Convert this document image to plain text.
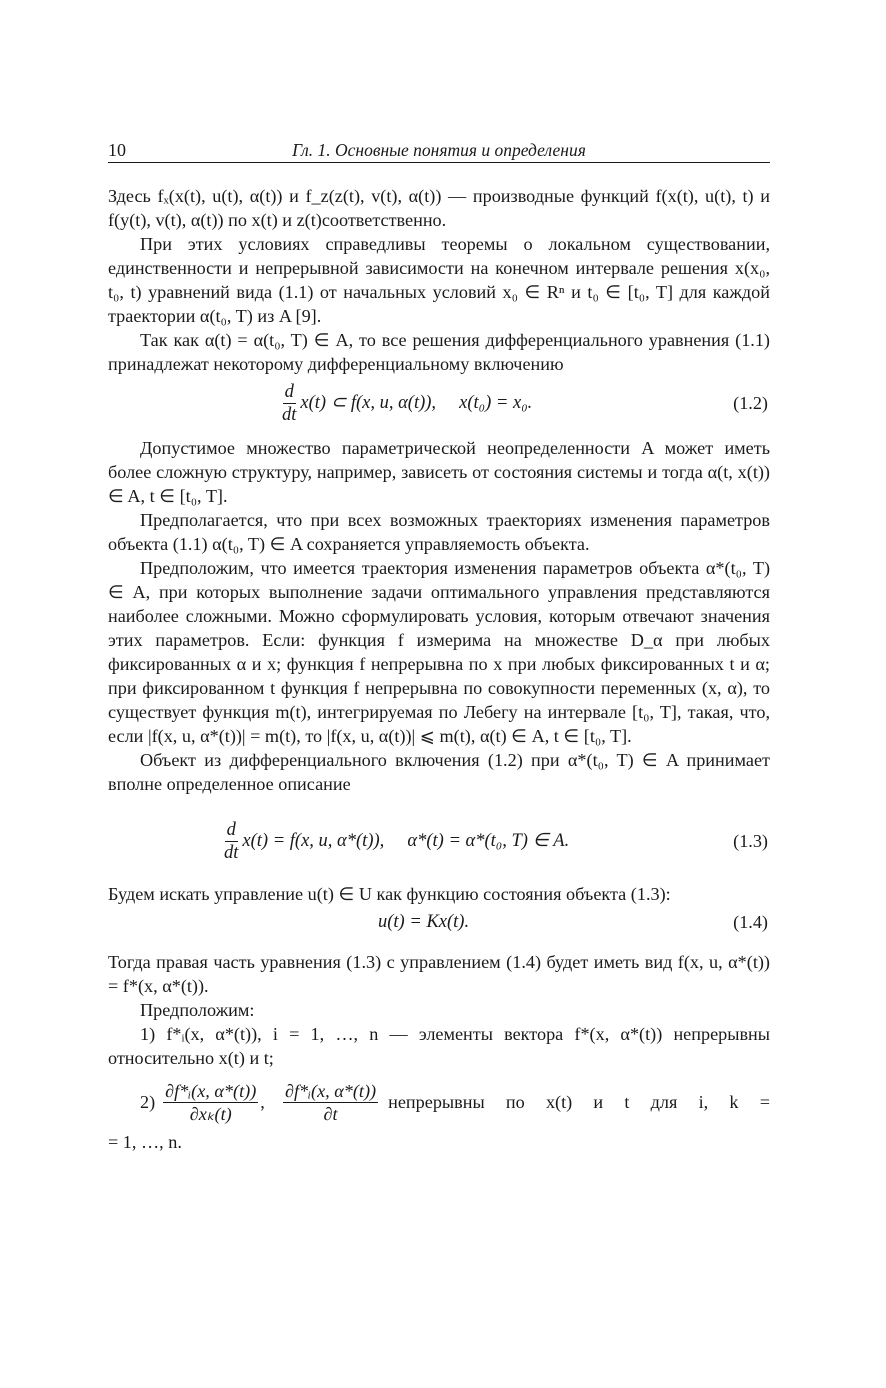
10	Гл. 1. Основные понятия и определения

Здесь fₓ(x(t), u(t), α(t)) и f_z(z(t), v(t), α(t)) — производные функций f(x(t), u(t), t) и f(y(t), v(t), α(t)) по x(t) и z(t)соответственно.

При этих условиях справедливы теоремы о локальном существовании, единственности и непрерывной зависимости на конечном интервале решения x(x₀, t₀, t) уравнений вида (1.1) от начальных условий x₀ ∈ Rⁿ и t₀ ∈ [t₀, T] для каждой траектории α(t₀, T) из A [9].

Так как α(t) = α(t₀, T) ∈ A, то все решения дифференциального уравнения (1.1) принадлежат некоторому дифференциальному включению

$\frac{d}{dt} x(t)$ ⊂ f(x, u, α(t)),     x(t₀) = x₀.	(1.2)

Допустимое множество параметрической неопределенности A может иметь более сложную структуру, например, зависеть от состояния системы и тогда α(t, x(t)) ∈ A, t ∈ [t₀, T].

Предполагается, что при всех возможных траекториях изменения параметров объекта (1.1) α(t₀, T) ∈ A сохраняется управляемость объекта.

Предположим, что имеется траектория изменения параметров объекта α*(t₀, T) ∈ A, при которых выполнение задачи оптимального управления представляются наиболее сложными. Можно сформулировать условия, которым отвечают значения этих параметров. Если: функция f измерима на множестве D_α при любых фиксированных α и x; функция f непрерывна по x при любых фиксированных t и α; при фиксированном t функция f непрерывна по совокупности переменных (x, α), то существует функция m(t), интегрируемая по Лебегу на интервале [t₀, T], такая, что, если |f(x, u, α*(t))| = m(t), то |f(x, u, α(t))| ⩽ m(t), α(t) ∈ A, t ∈ [t₀, T].

Объект из дифференциального включения (1.2) при α*(t₀, T) ∈ A принимает вполне определенное описание

$\frac{d}{dt} x(t) = f(x$, u, α*(t)),     α*(t) = α*(t₀, T) ∈ A.	(1.3)

Будем искать управление u(t) ∈ U как функцию состояния объекта (1.3):

u(t) = Kx(t).	(1.4)

Тогда правая часть уравнения (1.3) с управлением (1.4) будет иметь вид f(x, u, α*(t)) = f*(x, α*(t)).

Предположим:

1) f*ᵢ(x, α*(t)), i = 1, …, n — элементы вектора f*(x, α*(t)) непрерывны относительно x(t) и t;

$2) \frac{\text{∂f*ᵢ(x, α*(t))}}{\text{∂xₖ(t)}}$ , $\frac{\text{∂f*ᵢ(x, α*(t))}}{\partial t}$ непрерывны по x(t) и t для i, k =

= 1, …, n.
